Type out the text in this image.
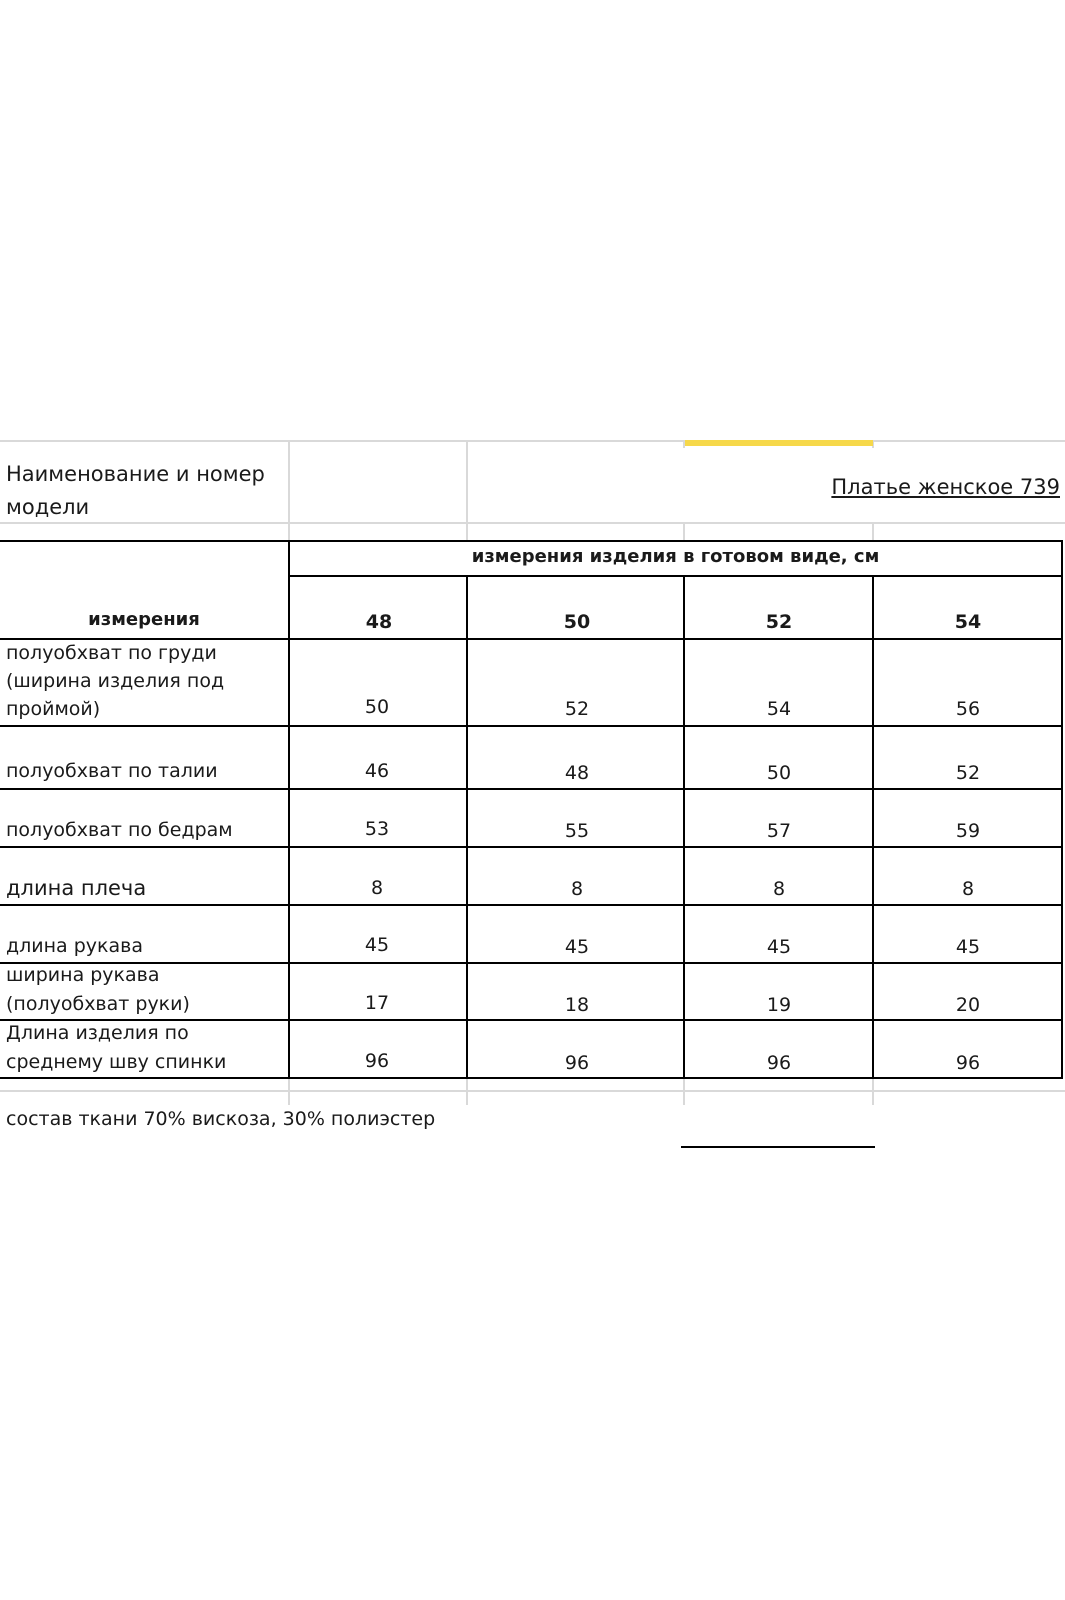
Наименование и номер модели
Платье женское 739
измерения изделия в готовом виде, см
измерения	48	50	52	54
полуобхват по груди (ширина изделия под проймой)	50	52	54	56
полуобхват по талии	46	48	50	52
полуобхват по бедрам	53	55	57	59
длина плеча	8	8	8	8
длина рукава	45	45	45	45
ширина рукава (полуобхват руки)	17	18	19	20
Длина изделия по среднему шву спинки	96	96	96	96
состав ткани 70% вискоза, 30% полиэстер
